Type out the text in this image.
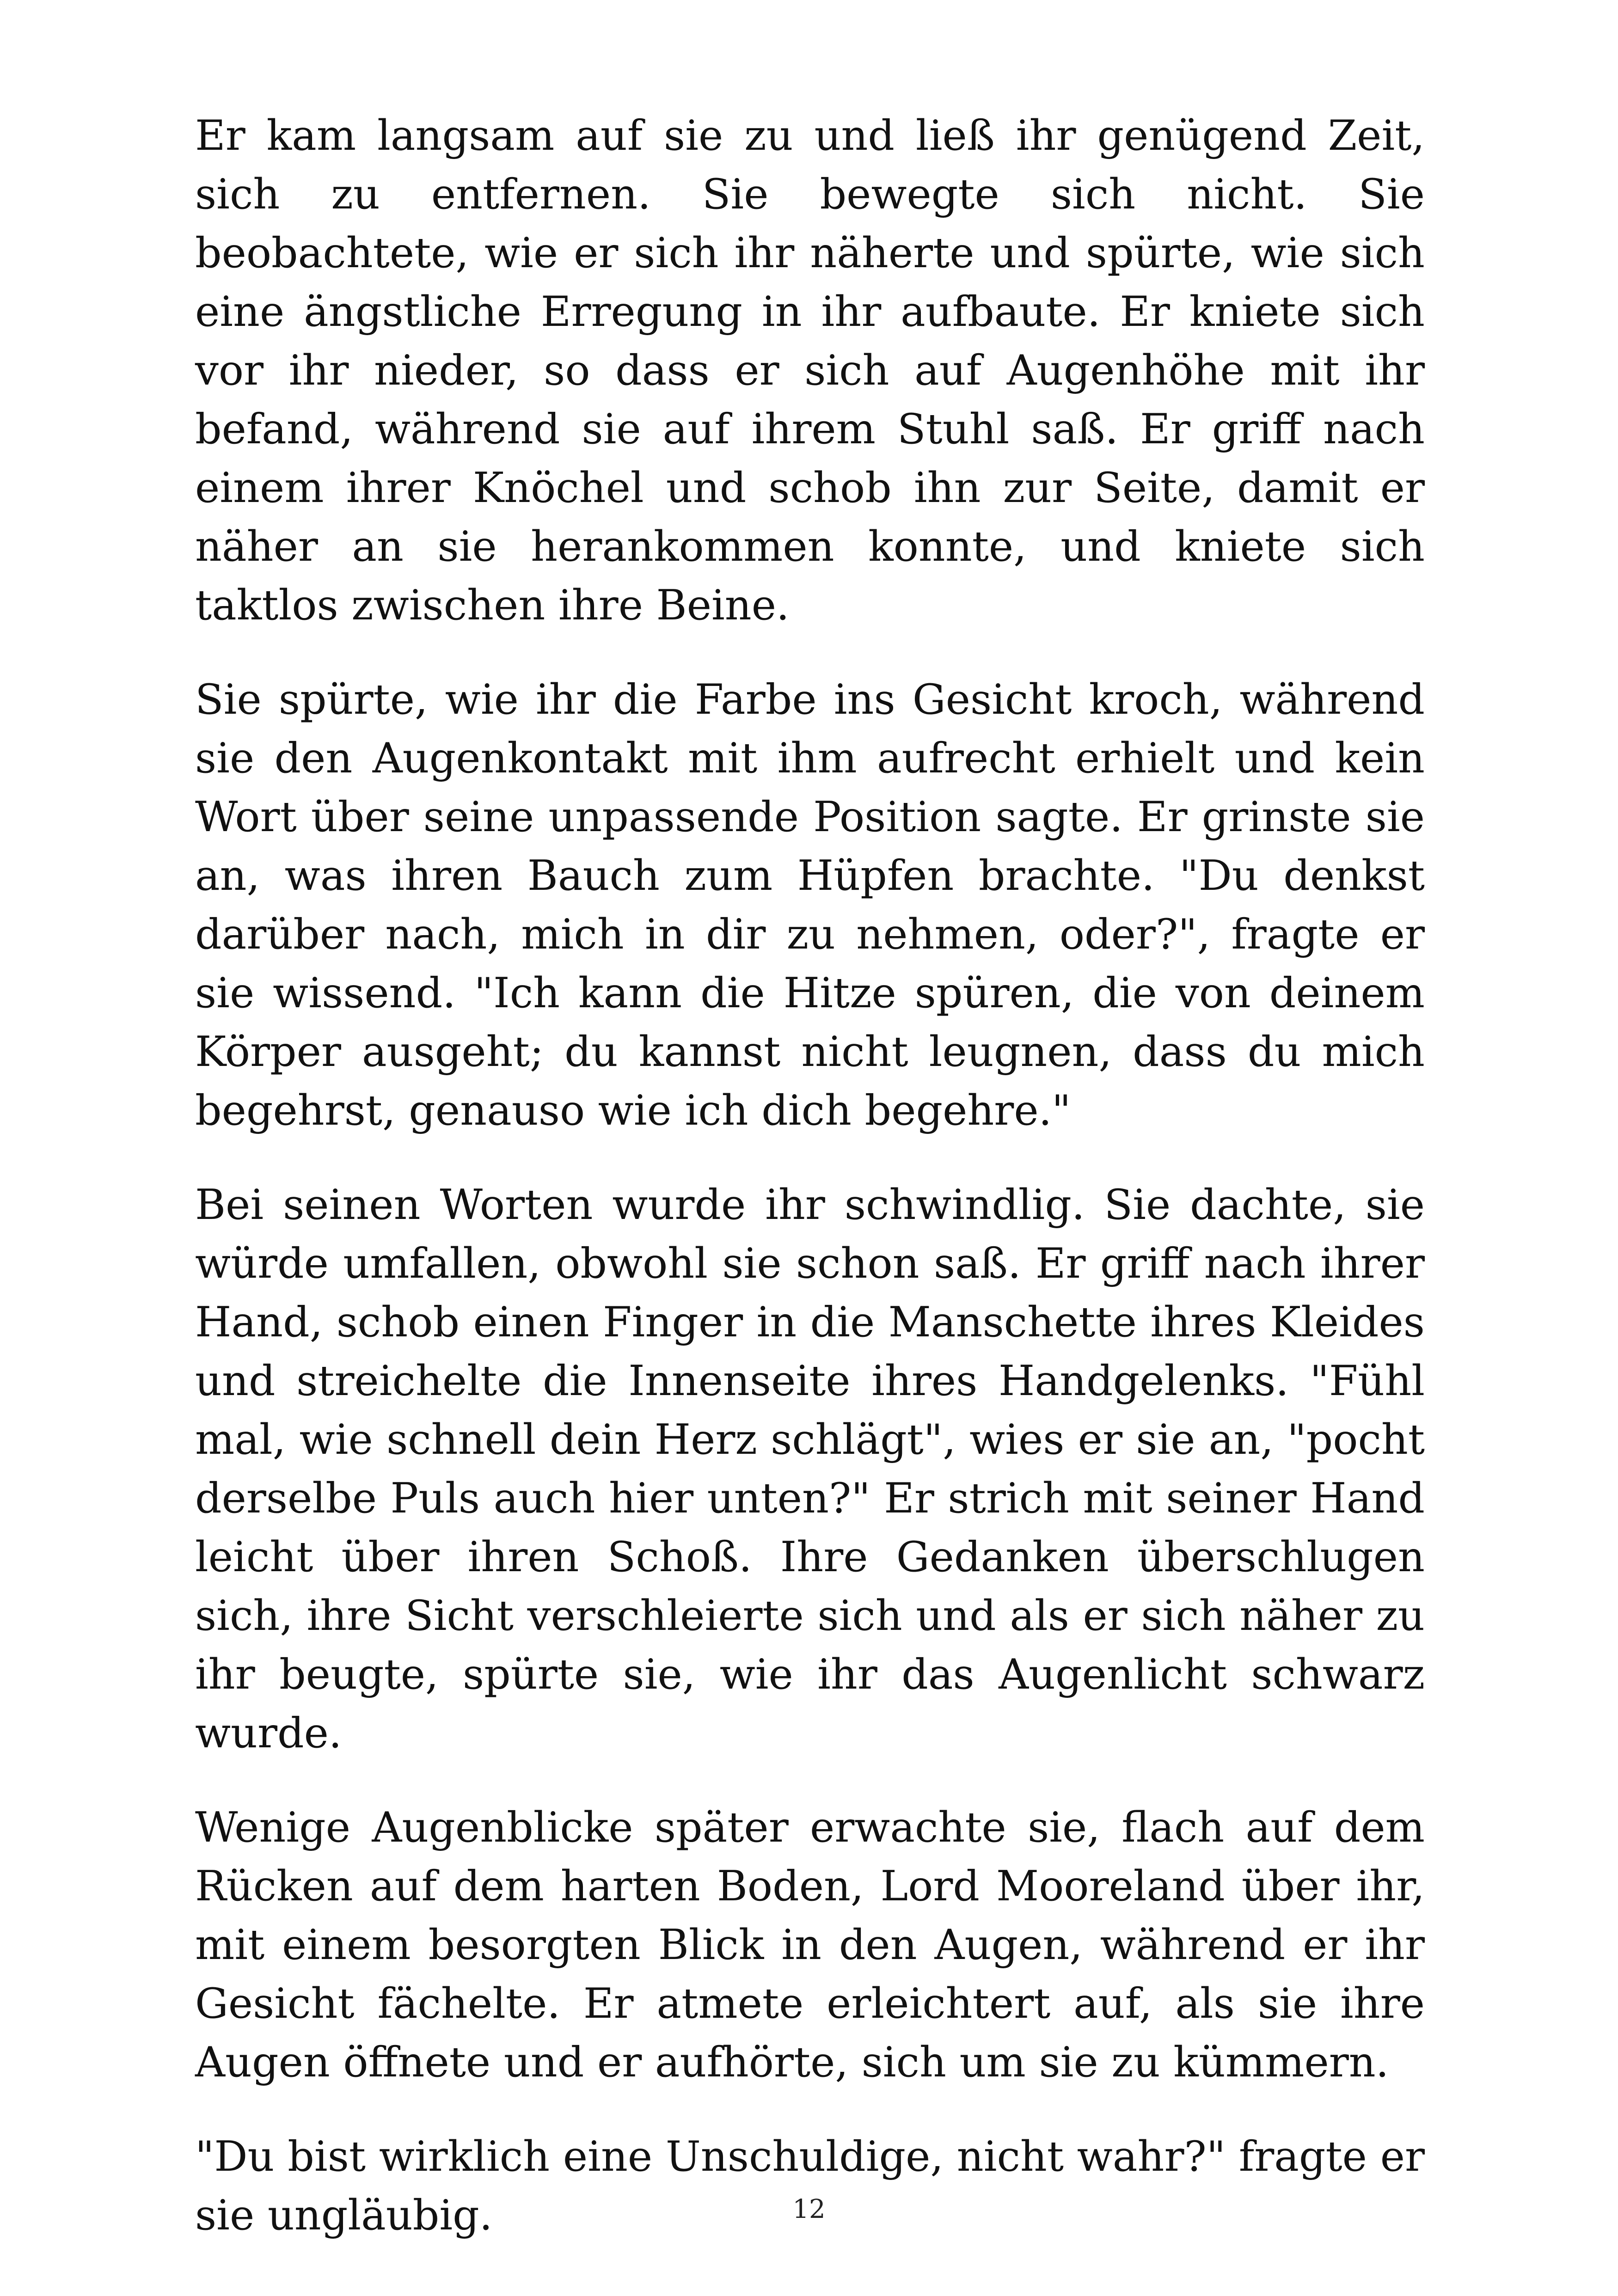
Er kam langsam auf sie zu und ließ ihr genügend Zeit, sich zu entfernen. Sie bewegte sich nicht. Sie beobachtete, wie er sich ihr näherte und spürte, wie sich eine ängstliche Erregung in ihr aufbaute. Er kniete sich vor ihr nieder, so dass er sich auf Augenhöhe mit ihr befand, während sie auf ihrem Stuhl saß. Er griff nach einem ihrer Knöchel und schob ihn zur Seite, damit er näher an sie herankommen konnte, und kniete sich taktlos zwischen ihre Beine.

Sie spürte, wie ihr die Farbe ins Gesicht kroch, während sie den Augenkontakt mit ihm aufrecht erhielt und kein Wort über seine unpassende Position sagte. Er grinste sie an, was ihren Bauch zum Hüpfen brachte. "Du denkst darüber nach, mich in dir zu nehmen, oder?", fragte er sie wissend. "Ich kann die Hitze spüren, die von deinem Körper ausgeht; du kannst nicht leugnen, dass du mich begehrst, genauso wie ich dich begehre."

Bei seinen Worten wurde ihr schwindlig. Sie dachte, sie würde umfallen, obwohl sie schon saß. Er griff nach ihrer Hand, schob einen Finger in die Manschette ihres Kleides und streichelte die Innenseite ihres Handgelenks. "Fühl mal, wie schnell dein Herz schlägt", wies er sie an, "pocht derselbe Puls auch hier unten?" Er strich mit seiner Hand leicht über ihren Schoß. Ihre Gedanken überschlugen sich, ihre Sicht verschleierte sich und als er sich näher zu ihr beugte, spürte sie, wie ihr das Augenlicht schwarz wurde.

Wenige Augenblicke später erwachte sie, flach auf dem Rücken auf dem harten Boden, Lord Mooreland über ihr, mit einem besorgten Blick in den Augen, während er ihr Gesicht fächelte. Er atmete erleichtert auf, als sie ihre Augen öffnete und er aufhörte, sich um sie zu kümmern.

"Du bist wirklich eine Unschuldige, nicht wahr?" fragte er sie ungläubig.	12
